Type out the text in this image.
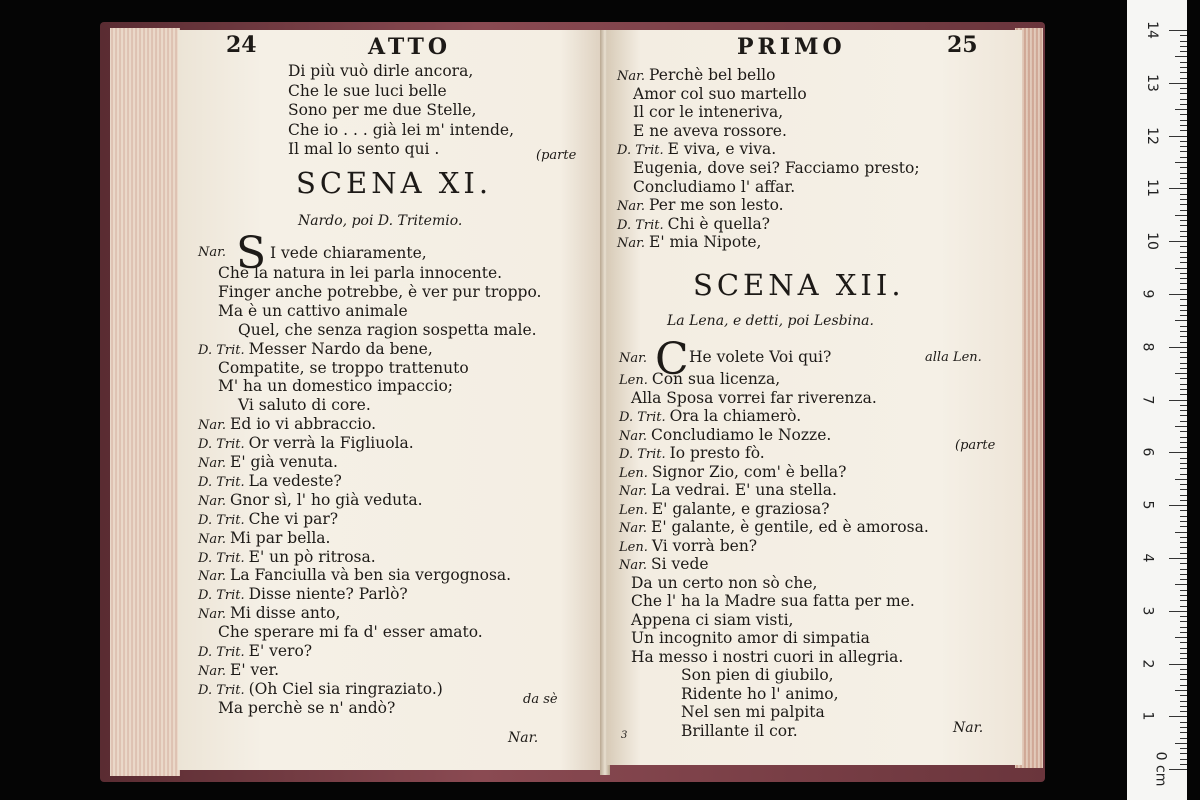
24	ATTO
Di più vuò dirle ancora,
Che le sue luci belle
Sono per me due Stelle,
Che io . . . già lei m' intende,
Il mal lo sento qui .	(parte
SCENA XI.
Nardo, poi D. Tritemio.
Nar. S I vede chiaramente,
Che la natura in lei parla innocente.
Finger anche potrebbe, è ver pur troppo.
Ma è un cattivo animale
Quel, che senza ragion sospetta male.
D. Trit. Messer Nardo da bene,
Compatite, se troppo trattenuto
M' ha un domestico impaccio;
Vi saluto di core.
Nar. Ed io vi abbraccio.
D. Trit. Or verrà la Figliuola.
Nar. E' già venuta.
D. Trit. La vedeste?
Nar. Gnor sì, l' ho già veduta.
D. Trit. Che vi par?
Nar. Mi par bella.
D. Trit. E' un pò ritrosa.
Nar. La Fanciulla và ben sia vergognosa.
D. Trit. Disse niente? Parlò?
Nar. Mi disse anto,
Che sperare mi fa d' esser amato.
D. Trit. E' vero?
Nar. E' ver.
D. Trit. (Oh Ciel sia ringraziato.)
Ma perchè se n' andò?	da sè
Nar.
PRIMO	25
Nar. Perchè bel bello
Amor col suo martello
Il cor le inteneriva,
E ne aveva rossore.
D. Trit. E viva, e viva.
Eugenia, dove sei? Facciamo presto;
Concludiamo l' affar.
Nar. Per me son lesto.
D. Trit. Chi è quella?
Nar. E' mia Nipote,
SCENA XII.
La Lena, e detti, poi Lesbina.
Nar. C He volete Voi qui?	alla Len.
Len. Con sua licenza,
Alla Sposa vorrei far riverenza.
D. Trit. Ora la chiamerò.
Nar. Concludiamo le Nozze.
D. Trit. Io presto fò.
Len. Signor Zio, com' è bella?
Nar. La vedrai. E' una stella.
Len. E' galante, e graziosa?
Nar. E' galante, è gentile, ed è amorosa.
Len. Vi vorrà ben?
Nar. Si vede
Da un certo non sò che,
Che l' ha la Madre sua fatta per me.
Appena ci siam visti,
Un incognito amor di simpatia
Ha messo i nostri cuori in allegria.
Son pien di giubilo,
Ridente ho l' animo,
Nel sen mi palpita
Brillante il cor.
(parte
3	Nar.
14
13
12
11
10
9
8
7
6
5
4
3
2
1
0 cm
